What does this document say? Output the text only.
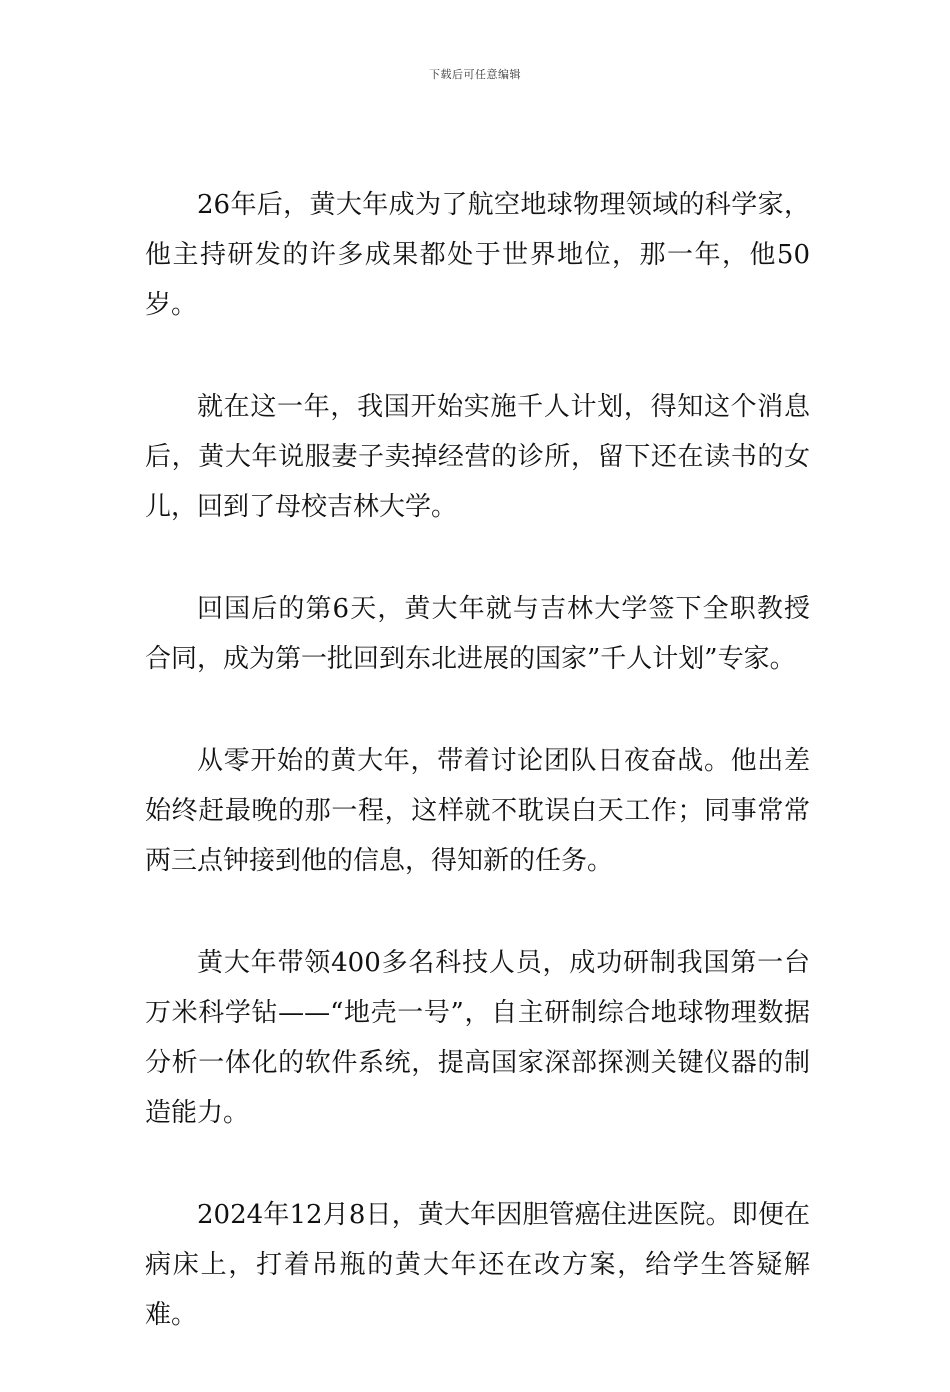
下载后可任意编辑

26年后，黄大年成为了航空地球物理领域的科学家，他主持研发的许多成果都处于世界地位，那一年，他50岁。

就在这一年，我国开始实施千人计划，得知这个消息后，黄大年说服妻子卖掉经营的诊所，留下还在读书的女儿，回到了母校吉林大学。

回国后的第6天，黄大年就与吉林大学签下全职教授合同，成为第一批回到东北进展的国家”千人计划”专家。

从零开始的黄大年，带着讨论团队日夜奋战。他出差始终赶最晚的那一程，这样就不耽误白天工作；同事常常两三点钟接到他的信息，得知新的任务。

黄大年带领400多名科技人员，成功研制我国第一台万米科学钻——“地壳一号”，自主研制综合地球物理数据分析一体化的软件系统，提高国家深部探测关键仪器的制造能力。

2024年12月8日，黄大年因胆管癌住进医院。即便在病床上，打着吊瓶的黄大年还在改方案，给学生答疑解难。
